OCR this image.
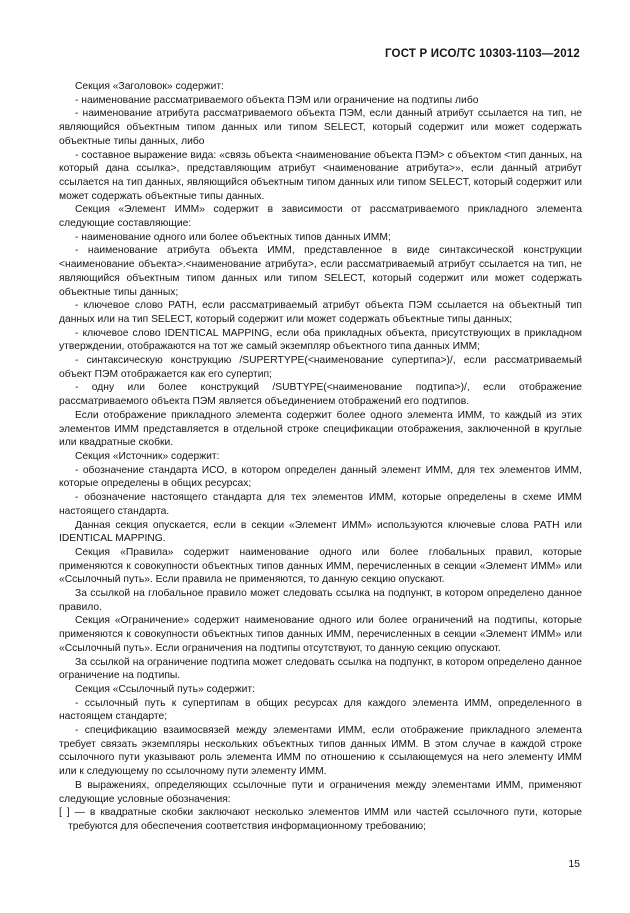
ГОСТ Р ИСО/ТС 10303-1103—2012

Секция «Заголовок» содержит:

- наименование рассматриваемого объекта ПЭМ или ограничение на подтипы либо

- наименование атрибута рассматриваемого объекта ПЭМ, если данный атрибут ссылается на тип, не являющийся объектным типом данных или типом SELECT, который содержит или может содержать объектные типы данных, либо

- составное выражение вида: «связь объекта <наименование объекта ПЭМ> с объектом <тип данных, на который дана ссылка>, представляющим атрибут <наименование атрибута>», если данный атрибут ссылается на тип данных, являющийся объектным типом данных или типом SELECT, который содержит или может содержать объектные типы данных.

Секция «Элемент ИММ» содержит в зависимости от рассматриваемого прикладного элемента следующие составляющие:

- наименование одного или более объектных типов данных ИММ;

- наименование атрибута объекта ИММ, представленное в виде синтаксической конструкции <наименование объекта>.<наименование атрибута>, если рассматриваемый атрибут ссылается на тип, не являющийся объектным типом данных или типом SELECT, который содержит или может содержать объектные типы данных;

- ключевое слово PATH, если рассматриваемый атрибут объекта ПЭМ ссылается на объектный тип данных или на тип SELECT, который содержит или может содержать объектные типы данных;

- ключевое слово IDENTICAL MAPPING, если оба прикладных объекта, присутствующих в прикладном утверждении, отображаются на тот же самый экземпляр объектного типа данных ИММ;

- синтаксическую конструкцию /SUPERTYPE(<наименование супертипа>)/, если рассматриваемый объект ПЭМ отображается как его супертип;

- одну или более конструкций /SUBTYPE(<наименование подтипа>)/, если отображение рассматриваемого объекта ПЭМ является объединением отображений его подтипов.

Если отображение прикладного элемента содержит более одного элемента ИММ, то каждый из этих элементов ИММ представляется в отдельной строке спецификации отображения, заключенной в круглые или квадратные скобки.

Секция «Источник» содержит:

- обозначение стандарта ИСО, в котором определен данный элемент ИММ, для тех элементов ИММ, которые определены в общих ресурсах;

- обозначение настоящего стандарта для тех элементов ИММ, которые определены в схеме ИММ настоящего стандарта.

Данная секция опускается, если в секции «Элемент ИММ» используются ключевые слова PATH или IDENTICAL MAPPING.

Секция «Правила» содержит наименование одного или более глобальных правил, которые применяются к совокупности объектных типов данных ИММ, перечисленных в секции «Элемент ИММ» или «Ссылочный путь». Если правила не применяются, то данную секцию опускают.

За ссылкой на глобальное правило может следовать ссылка на подпункт, в котором определено данное правило.

Секция «Ограничение» содержит наименование одного или более ограничений на подтипы, которые применяются к совокупности объектных типов данных ИММ, перечисленных в секции «Элемент ИММ» или «Ссылочный путь». Если ограничения на подтипы отсутствуют, то данную секцию опускают.

За ссылкой на ограничение подтипа может следовать ссылка на подпункт, в котором определено данное ограничение на подтипы.

Секция «Ссылочный путь» содержит:

- ссылочный путь к супертипам в общих ресурсах для каждого элемента ИММ, определенного в настоящем стандарте;

- спецификацию взаимосвязей между элементами ИММ, если отображение прикладного элемента требует связать экземпляры нескольких объектных типов данных ИММ. В этом случае в каждой строке ссылочного пути указывают роль элемента ИММ по отношению к ссылающемуся на него элементу ИММ или к следующему по ссылочному пути элементу ИММ.

В выражениях, определяющих ссылочные пути и ограничения между элементами ИММ, применяют следующие условные обозначения:

[ ] — в квадратные скобки заключают несколько элементов ИММ или частей ссылочного пути, которые требуются для обеспечения соответствия информационному требованию;

15
